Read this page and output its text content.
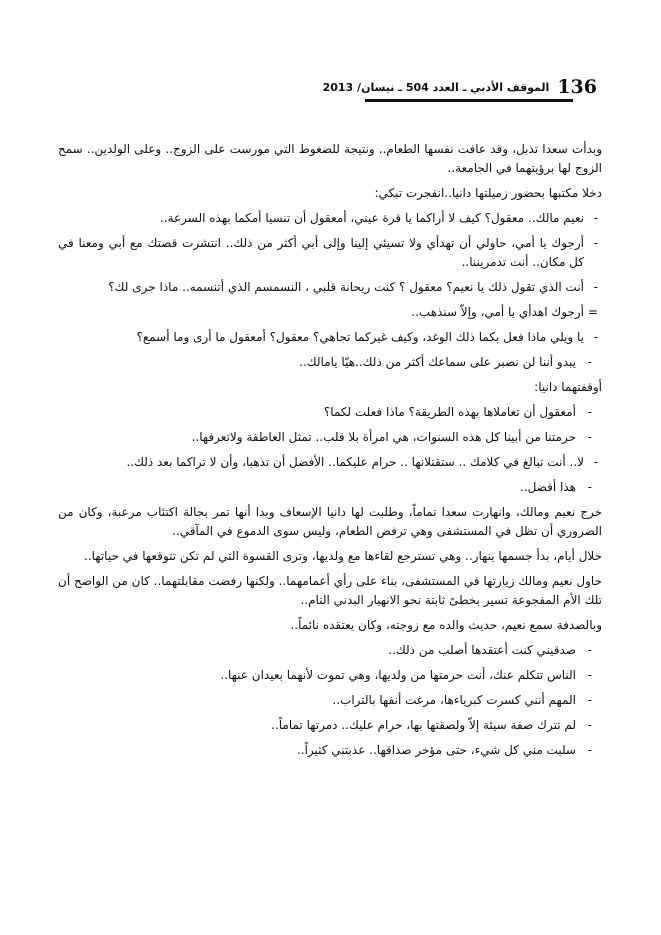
136
الموقف الأدبي ـ العدد 504 ـ نيسان/ 2013

وبدأت سعدا تذبل، وقد عافت نفسها الطعام.. ونتيجة للضغوط التي مورست على الزوج.. وعلى الولدين.. سمح الزوج لها برؤيتهما في الجامعة..

دخلا مكتبها بحضور زميلتها دانيا..انفجرت تبكي:

- نعيم مالك.. معقول؟ كيف لا أراكما يا قرة عيني، أمعقول أن تنسيا أمكما بهذه السرعة..

- أرجوك يا أمي، حاولي أن تهدأي ولا تسيئي إلينا وإلى أبي أكثر من ذلك.. انتشرت قصتك مع أبي ومعنا في كل مكان.. أنت تدمريننا..

- أنت الذي تقول ذلك يا نعيم؟ معقول ؟ كنت ريحانة قلبي ، النسمسم الذي أتنسمه.. ماذا جرى لك؟

= أرجوك اهدأي يا أمي، وإلاّ سنذهب..

- يا ويلي ماذا فعل بكما ذلك الوغد، وكيف غيركما تجاهي؟ معقول؟ أمعقول ما أرى وما أسمع؟

- يبدو أننا لن نصبر على سماعك أكثر من ذلك..هيّا يامالك..

أوقفتهما دانيا:

- أمعقول أن تعاملاها بهذه الطريقة؟ ماذا فعلت لكما؟

- حرمتنا من أبينا كل هذه السنوات، هي امرأة بلا قلب.. تمثل العاطفة ولاتعرفها..

- لا.. أنت تبالغ في كلامك .. ستقتلانها .. حرام عليكما.. الأفضل أن تذهبا، وأن لا تراكما بعد ذلك..

- هذا أفضل..

خرج نعيم ومالك، وانهارت سعدا تماماً، وطلبت لها دانيا الإسعاف وبدا أنها تمر بحالة اكتئاب مرعبة، وكان من الضروري أن تظل في المستشفى وهي ترفض الطعام، وليس سوى الدموع في المآقي..

خلال أيام، بدأ جسمها ينهار.. وهي تسترجع لقاءها مع ولديها، وترى القسوة التي لم تكن تتوقعها في حياتها..

حاول نعيم ومالك زيارتها في المستشفى، بناء على رأي أعمامهما.. ولكنها رفضت مقابلتهما.. كان من الواضح أن تلك الأم المفجوعة تسير بخطىً ثابتة نحو الانهيار البدني التام..

وبالصدفة سمع نعيم، حديث والده مع زوجته، وكان يعتقده نائماً..

- صدقيني كنت أعتقدها أصلب من ذلك..

- الناس تتكلم عنك، أنت حرمتها من ولديها، وهي تموت لأنهما بعيدان عنها..

- المهم أنني كسرت كبرياءها، مرغت أنفها بالتراب..

- لم تترك صفة سيئة إلاّ ولصقتها بها، حرام عليك.. دمرتها تماماً..

- سلبت مني كل شيء، حتى مؤخر صداقها.. عذبتني كثيراً..
